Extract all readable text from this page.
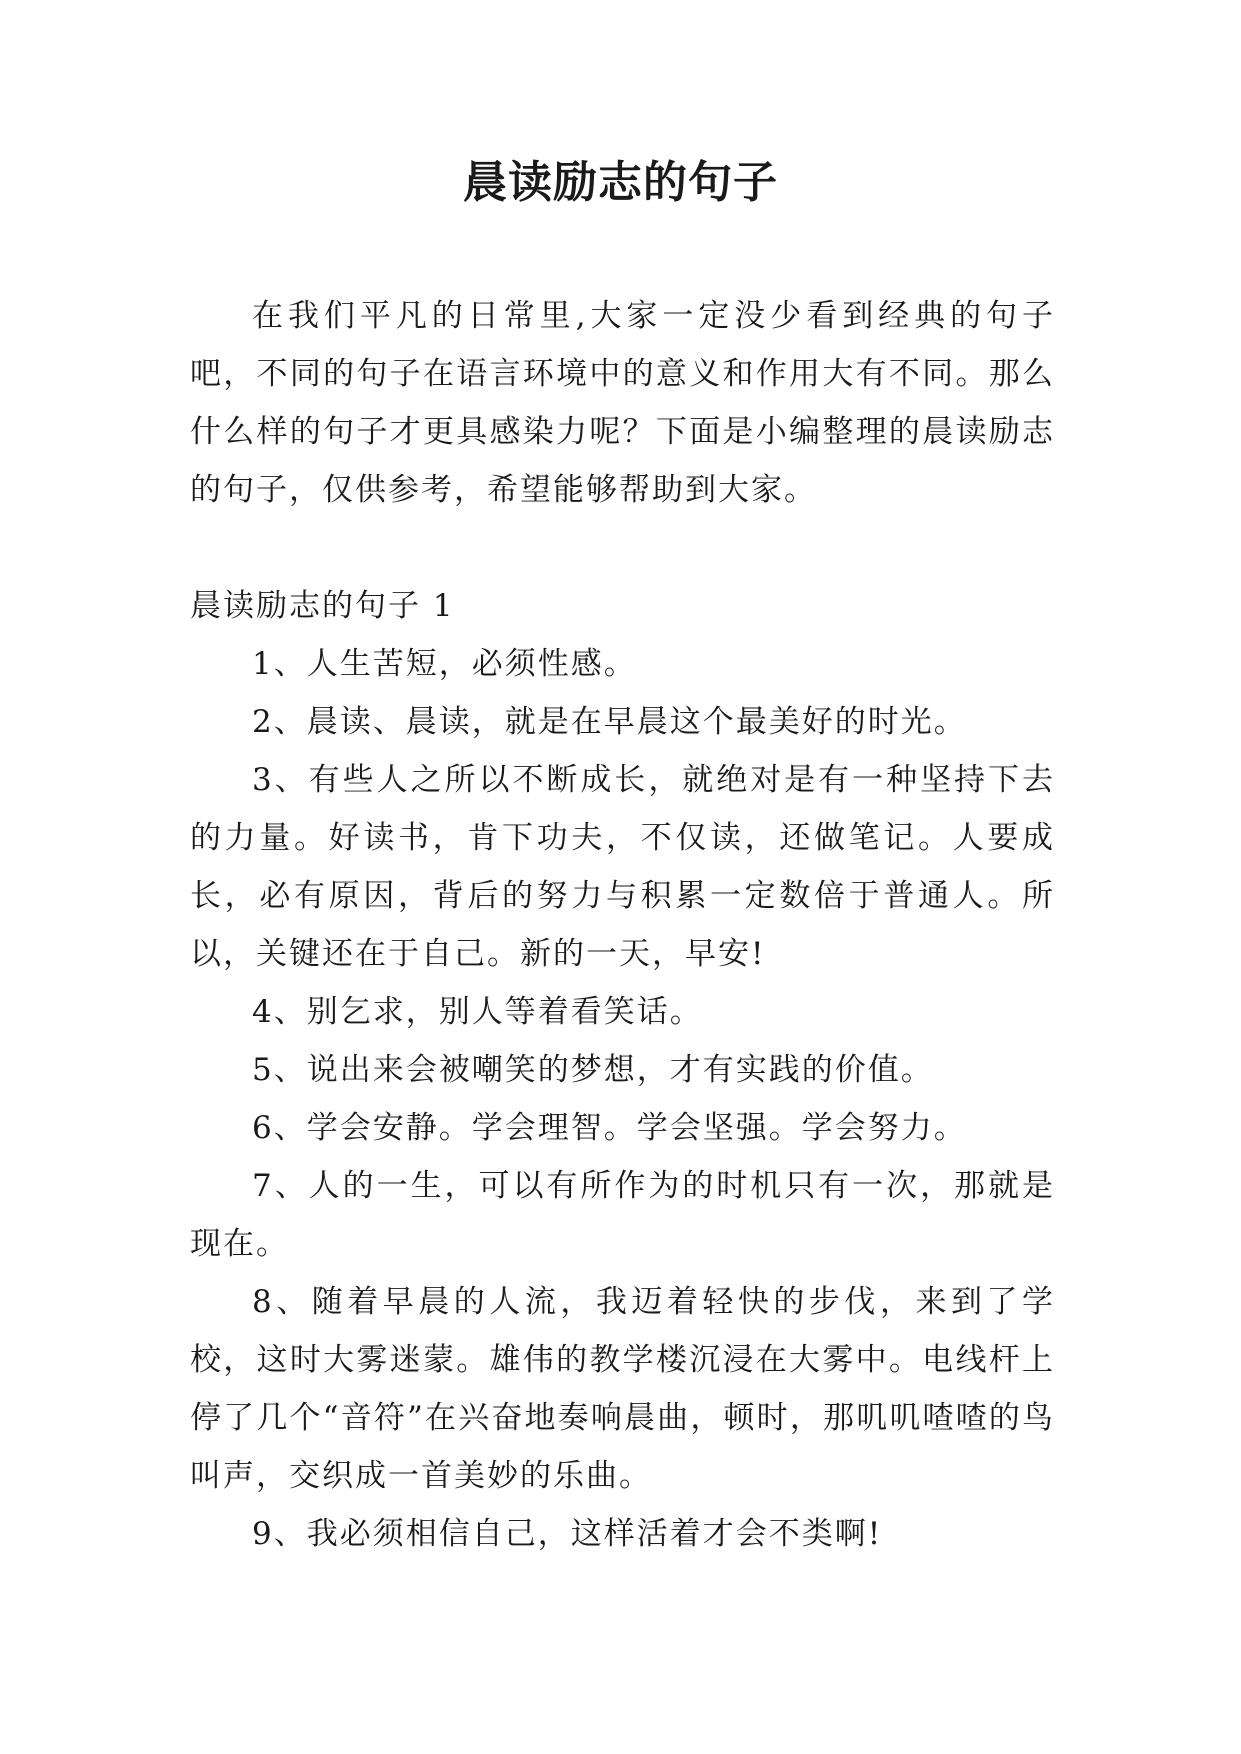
晨读励志的句子

在我们平凡的日常里,大家一定没少看到经典的句子吧，不同的句子在语言环境中的意义和作用大有不同。那么什么样的句子才更具感染力呢？下面是小编整理的晨读励志的句子，仅供参考，希望能够帮助到大家。

晨读励志的句子 1

1、人生苦短，必须性感。

2、晨读、晨读，就是在早晨这个最美好的时光。

3、有些人之所以不断成长，就绝对是有一种坚持下去的力量。好读书，肯下功夫，不仅读，还做笔记。人要成长，必有原因，背后的努力与积累一定数倍于普通人。所以，关键还在于自己。新的一天，早安!

4、别乞求，别人等着看笑话。

5、说出来会被嘲笑的梦想，才有实践的价值。

6、学会安静。学会理智。学会坚强。学会努力。

7、人的一生，可以有所作为的时机只有一次，那就是现在。

8、随着早晨的人流，我迈着轻快的步伐，来到了学校，这时大雾迷蒙。雄伟的教学楼沉浸在大雾中。电线杆上停了几个“音符”在兴奋地奏响晨曲，顿时，那叽叽喳喳的鸟叫声，交织成一首美妙的乐曲。

9、我必须相信自己，这样活着才会不类啊!
